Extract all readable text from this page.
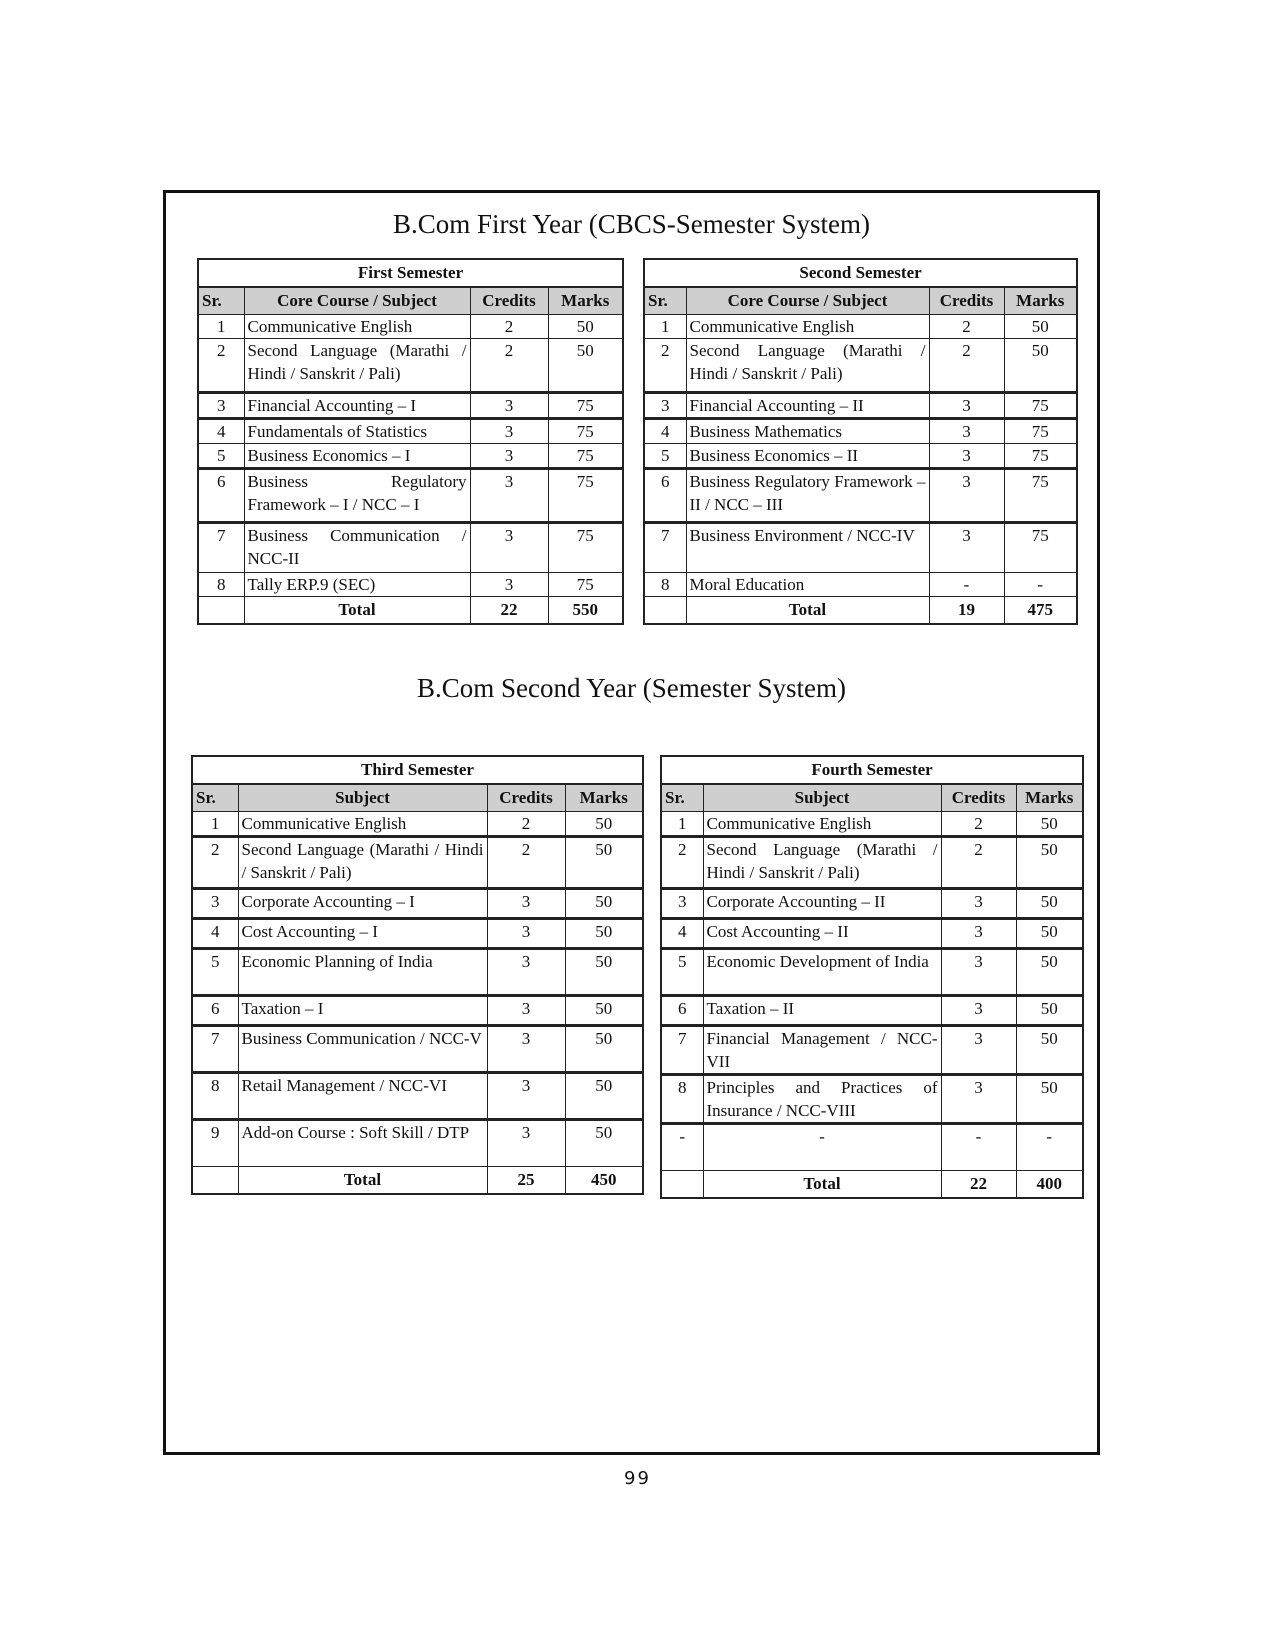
B.Com First Year (CBCS-Semester System)
First Semester			
Sr.	Core Course / Subject	Credits	Marks
1	Communicative English	2	50
2	Second Language (Marathi / Hindi / Sanskrit / Pali)	2	50
3	Financial Accounting – I	3	75
4	Fundamentals of Statistics	3	75
5	Business Economics – I	3	75
6	Business Regulatory Framework – I / NCC – I	3	75
7	Business Communication / NCC-II	3	75
8	Tally ERP.9 (SEC)	3	75
	Total	22	550
Second Semester			
Sr.	Core Course / Subject	Credits	Marks
1	Communicative English	2	50
2	Second Language (Marathi / Hindi / Sanskrit / Pali)	2	50
3	Financial Accounting – II	3	75
4	Business Mathematics	3	75
5	Business Economics – II	3	75
6	Business Regulatory Framework – II / NCC – III	3	75
7	Business Environment / NCC-IV	3	75
8	Moral Education	-	-
	Total	19	475
B.Com Second Year (Semester System)
Third Semester			
Sr.	Subject	Credits	Marks
1	Communicative English	2	50
2	Second Language (Marathi / Hindi / Sanskrit / Pali)	2	50
3	Corporate Accounting – I	3	50
4	Cost Accounting – I	3	50
5	Economic Planning of India	3	50
6	Taxation – I	3	50
7	Business Communication / NCC-V	3	50
8	Retail Management / NCC-VI	3	50
9	Add-on Course : Soft Skill / DTP	3	50
	Total	25	450
Fourth Semester			
Sr.	Subject	Credits	Marks
1	Communicative English	2	50
2	Second Language (Marathi / Hindi / Sanskrit / Pali)	2	50
3	Corporate Accounting – II	3	50
4	Cost Accounting – II	3	50
5	Economic Development of India	3	50
6	Taxation – II	3	50
7	Financial Management / NCC-VII	3	50
8	Principles and Practices of Insurance / NCC-VIII	3	50
-	-	-	-
	Total	22	400
99
